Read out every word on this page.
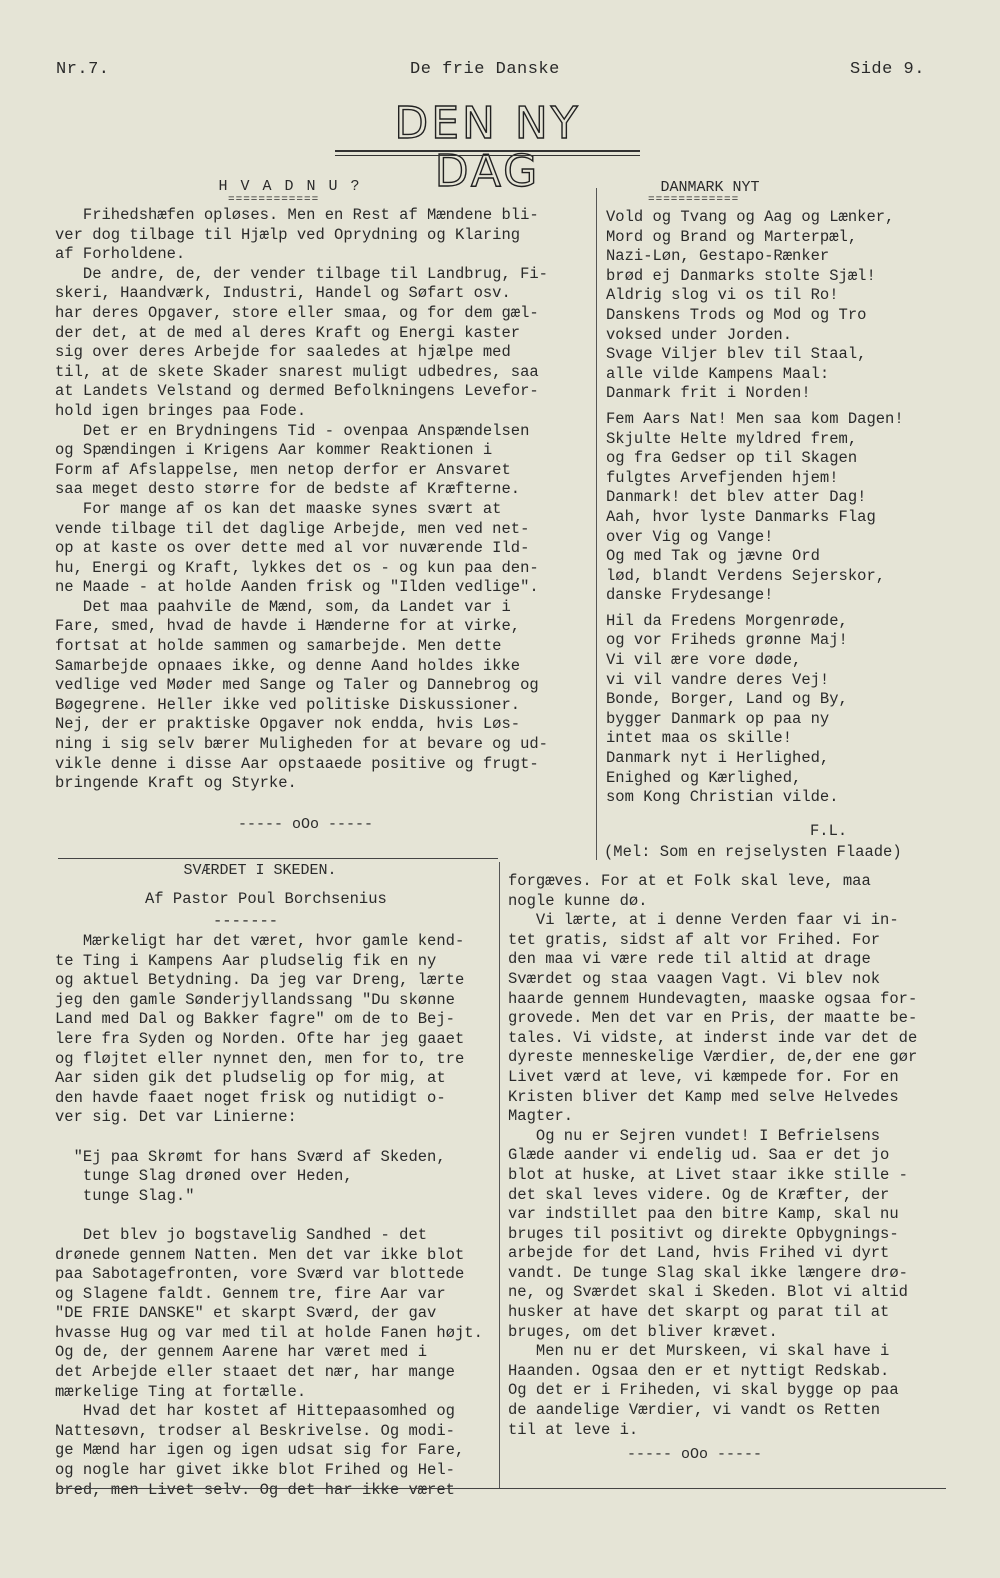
Nr.7.	De frie Danske	Side 9.
DEN NY DAG
H V A D N U ?
============

Frihedshæfen opløses. Men en Rest af Mændene bli-

ver dog tilbage til Hjælp ved Oprydning og Klaring

af Forholdene.

De andre, de, der vender tilbage til Landbrug, Fi-

skeri, Haandværk, Industri, Handel og Søfart osv.

har deres Opgaver, store eller smaa, og for dem gæl-

der det, at de med al deres Kraft og Energi kaster

sig over deres Arbejde for saaledes at hjælpe med

til, at de skete Skader snarest muligt udbedres, saa

at Landets Velstand og dermed Befolkningens Levefor-

hold igen bringes paa Fode.

Det er en Brydningens Tid - ovenpaa Anspændelsen

og Spændingen i Krigens Aar kommer Reaktionen i

Form af Afslappelse, men netop derfor er Ansvaret

saa meget desto større for de bedste af Kræfterne.

For mange af os kan det maaske synes svært at

vende tilbage til det daglige Arbejde, men ved net-

op at kaste os over dette med al vor nuværende Ild-

hu, Energi og Kraft, lykkes det os - og kun paa den-

ne Maade - at holde Aanden frisk og "Ilden vedlige".

Det maa paahvile de Mænd, som, da Landet var i

Fare, smed, hvad de havde i Hænderne for at virke,

fortsat at holde sammen og samarbejde. Men dette

Samarbejde opnaaes ikke, og denne Aand holdes ikke

vedlige ved Møder med Sange og Taler og Dannebrog og

Bøgegrene. Heller ikke ved politiske Diskussioner.

Nej, der er praktiske Opgaver nok endda, hvis Løs-

ning i sig selv bærer Muligheden for at bevare og ud-

vikle denne i disse Aar opstaaede positive og frugt-

bringende Kraft og Styrke.

----- oOo -----
DANMARK NYT
============

Vold og Tvang og Aag og Lænker,

Mord og Brand og Marterpæl,

Nazi-Løn, Gestapo-Rænker

brød ej Danmarks stolte Sjæl!

Aldrig slog vi os til Ro!

Danskens Trods og Mod og Tro

voksed under Jorden.

Svage Viljer blev til Staal,

alle vilde Kampens Maal:

Danmark frit i Norden!

Fem Aars Nat! Men saa kom Dagen!

Skjulte Helte myldred frem,

og fra Gedser op til Skagen

fulgtes Arvefjenden hjem!

Danmark! det blev atter Dag!

Aah, hvor lyste Danmarks Flag

over Vig og Vange!

Og med Tak og jævne Ord

lød, blandt Verdens Sejerskor,

danske Frydesange!

Hil da Fredens Morgenrøde,

og vor Friheds grønne Maj!

Vi vil ære vore døde,

vi vil vandre deres Vej!

Bonde, Borger, Land og By,

bygger Danmark op paa ny

intet maa os skille!

Danmark nyt i Herlighed,

Enighed og Kærlighed,

som Kong Christian vilde.

F.L.
(Mel: Som en rejselysten Flaade)
SVÆRDET I SKEDEN.
Af Pastor Poul Borchsenius
-------

Mærkeligt har det været, hvor gamle kend-

te Ting i Kampens Aar pludselig fik en ny

og aktuel Betydning. Da jeg var Dreng, lærte

jeg den gamle Sønderjyllandssang "Du skønne

Land med Dal og Bakker fagre" om de to Bej-

lere fra Syden og Norden. Ofte har jeg gaaet

og fløjtet eller nynnet den, men for to, tre

Aar siden gik det pludselig op for mig, at

den havde faaet noget frisk og nutidigt o-

ver sig. Det var Linierne:

"Ej paa Skrømt for hans Sværd af Skeden,

tunge Slag drøned over Heden,

tunge Slag."

Det blev jo bogstavelig Sandhed - det

drønede gennem Natten. Men det var ikke blot

paa Sabotagefronten, vore Sværd var blottede

og Slagene faldt. Gennem tre, fire Aar var

"DE FRIE DANSKE" et skarpt Sværd, der gav

hvasse Hug og var med til at holde Fanen højt.

Og de, der gennem Aarene har været med i

det Arbejde eller staaet det nær, har mange

mærkelige Ting at fortælle.

Hvad det har kostet af Hittepaasomhed og

Nattesøvn, trodser al Beskrivelse. Og modi-

ge Mænd har igen og igen udsat sig for Fare,

og nogle har givet ikke blot Frihed og Hel-

bred, men Livet selv. Og det har ikke været

forgæves. For at et Folk skal leve, maa

nogle kunne dø.

Vi lærte, at i denne Verden faar vi in-

tet gratis, sidst af alt vor Frihed. For

den maa vi være rede til altid at drage

Sværdet og staa vaagen Vagt. Vi blev nok

haarde gennem Hundevagten, maaske ogsaa for-

grovede. Men det var en Pris, der maatte be-

tales. Vi vidste, at inderst inde var det de

dyreste menneskelige Værdier, de,der ene gør

Livet værd at leve, vi kæmpede for. For en

Kristen bliver det Kamp med selve Helvedes

Magter.

Og nu er Sejren vundet! I Befrielsens

Glæde aander vi endelig ud. Saa er det jo

blot at huske, at Livet staar ikke stille -

det skal leves videre. Og de Kræfter, der

var indstillet paa den bitre Kamp, skal nu

bruges til positivt og direkte Opbygnings-

arbejde for det Land, hvis Frihed vi dyrt

vandt. De tunge Slag skal ikke længere drø-

ne, og Sværdet skal i Skeden. Blot vi altid

husker at have det skarpt og parat til at

bruges, om det bliver krævet.

Men nu er det Murskeen, vi skal have i

Haanden. Ogsaa den er et nyttigt Redskab.

Og det er i Friheden, vi skal bygge op paa

de aandelige Værdier, vi vandt os Retten

til at leve i.

----- oOo -----
